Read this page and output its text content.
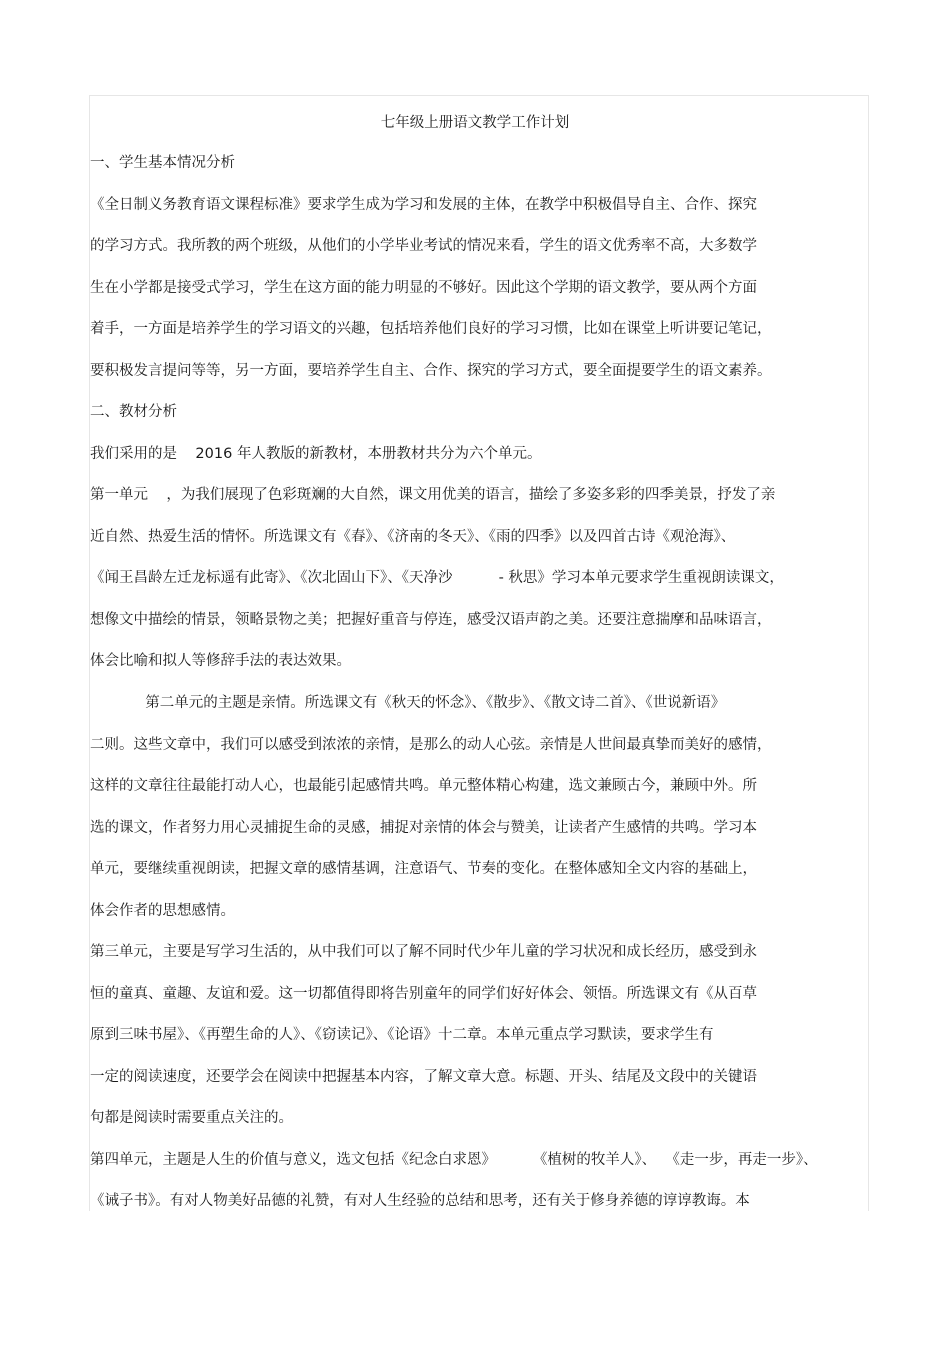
七年级上册语文教学工作计划
一、学生基本情况分析
《全日制义务教育语文课程标准》要求学生成为学习和发展的主体，在教学中积极倡导自主、合作、探究
的学习方式。我所教的两个班级，从他们的小学毕业考试的情况来看，学生的语文优秀率不高，大多数学
生在小学都是接受式学习，学生在这方面的能力明显的不够好。因此这个学期的语文教学，要从两个方面
着手，一方面是培养学生的学习语文的兴趣，包括培养他们良好的学习习惯，比如在课堂上听讲要记笔记，
要积极发言提问等等，另一方面，要培养学生自主、合作、探究的学习方式，要全面提要学生的语文素养。
二、教材分析
我们采用的是    2016 年人教版的新教材，本册教材共分为六个单元。
第一单元    ，为我们展现了色彩斑斓的大自然，课文用优美的语言，描绘了多姿多彩的四季美景，抒发了亲
近自然、热爱生活的情怀。所选课文有《春》、《济南的冬天》、《雨的四季》以及四首古诗《观沧海》、
《闻王昌龄左迁龙标遥有此寄》、《次北固山下》、《天净沙          - 秋思》学习本单元要求学生重视朗读课文，
想像文中描绘的情景，领略景物之美；把握好重音与停连，感受汉语声韵之美。还要注意揣摩和品味语言，
体会比喻和拟人等修辞手法的表达效果。
第二单元的主题是亲情。所选课文有《秋天的怀念》、《散步》、《散文诗二首》、《世说新语》
二则。这些文章中，我们可以感受到浓浓的亲情，是那么的动人心弦。亲情是人世间最真挚而美好的感情，
这样的文章往往最能打动人心，也最能引起感情共鸣。单元整体精心构建，选文兼顾古今，兼顾中外。所
选的课文，作者努力用心灵捕捉生命的灵感，捕捉对亲情的体会与赞美，让读者产生感情的共鸣。学习本
单元，要继续重视朗读，把握文章的感情基调，注意语气、节奏的变化。在整体感知全文内容的基础上，
体会作者的思想感情。
第三单元，主要是写学习生活的，从中我们可以了解不同时代少年儿童的学习状况和成长经历，感受到永
恒的童真、童趣、友谊和爱。这一切都值得即将告别童年的同学们好好体会、领悟。所选课文有《从百草
原到三味书屋》、《再塑生命的人》、《窃读记》、《论语》十二章。本单元重点学习默读，要求学生有
一定的阅读速度，还要学会在阅读中把握基本内容，了解文章大意。标题、开头、结尾及文段中的关键语
句都是阅读时需要重点关注的。
第四单元，主题是人生的价值与意义，选文包括《纪念白求恩》        《植树的牧羊人》、  《走一步，再走一步》、
《诫子书》。有对人物美好品德的礼赞，有对人生经验的总结和思考，还有关于修身养德的谆谆教诲。本
